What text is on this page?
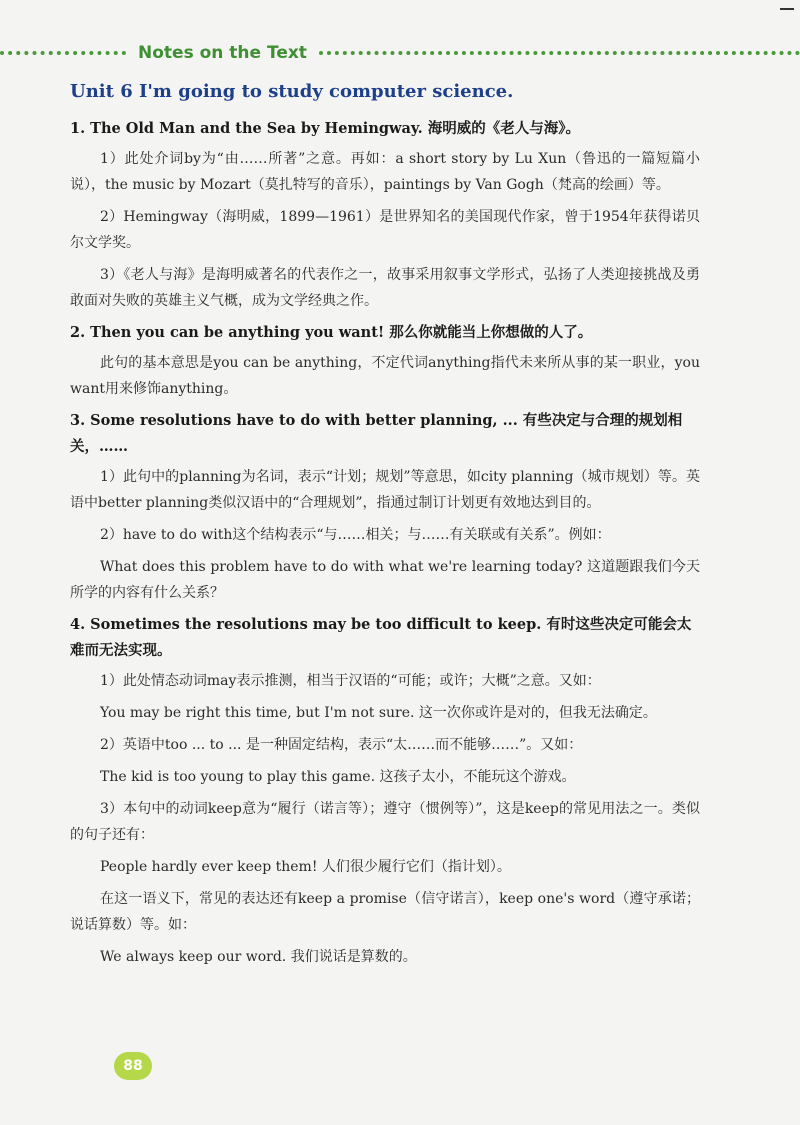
Notes on the Text
Unit 6 I'm going to study computer science.
1. The Old Man and the Sea by Hemingway. 海明威的《老人与海》。

1）此处介词by为“由……所著”之意。再如：a short story by Lu Xun（鲁迅的一篇短篇小说），the music by Mozart（莫扎特写的音乐），paintings by Van Gogh（梵高的绘画）等。

2）Hemingway（海明威，1899—1961）是世界知名的美国现代作家，曾于1954年获得诺贝尔文学奖。

3）《老人与海》是海明威著名的代表作之一，故事采用叙事文学形式，弘扬了人类迎接挑战及勇敢面对失败的英雄主义气概，成为文学经典之作。

2. Then you can be anything you want! 那么你就能当上你想做的人了。

此句的基本意思是you can be anything，不定代词anything指代未来所从事的某一职业，you want用来修饰anything。

3. Some resolutions have to do with better planning, ... 有些决定与合理的规划相关，……

1）此句中的planning为名词，表示“计划；规划”等意思，如city planning（城市规划）等。英语中better planning类似汉语中的“合理规划”，指通过制订计划更有效地达到目的。

2）have to do with这个结构表示“与……相关；与……有关联或有关系”。例如：

What does this problem have to do with what we're learning today? 这道题跟我们今天所学的内容有什么关系？

4. Sometimes the resolutions may be too difficult to keep. 有时这些决定可能会太难而无法实现。

1）此处情态动词may表示推测，相当于汉语的“可能；或许；大概”之意。又如：

You may be right this time, but I'm not sure. 这一次你或许是对的，但我无法确定。

2）英语中too ... to ... 是一种固定结构，表示“太……而不能够……”。又如：

The kid is too young to play this game. 这孩子太小，不能玩这个游戏。

3）本句中的动词keep意为“履行（诺言等）；遵守（惯例等）”，这是keep的常见用法之一。类似的句子还有：

People hardly ever keep them! 人们很少履行它们（指计划）。

在这一语义下，常见的表达还有keep a promise（信守诺言），keep one's word（遵守承诺；说话算数）等。如：

We always keep our word. 我们说话是算数的。

88
